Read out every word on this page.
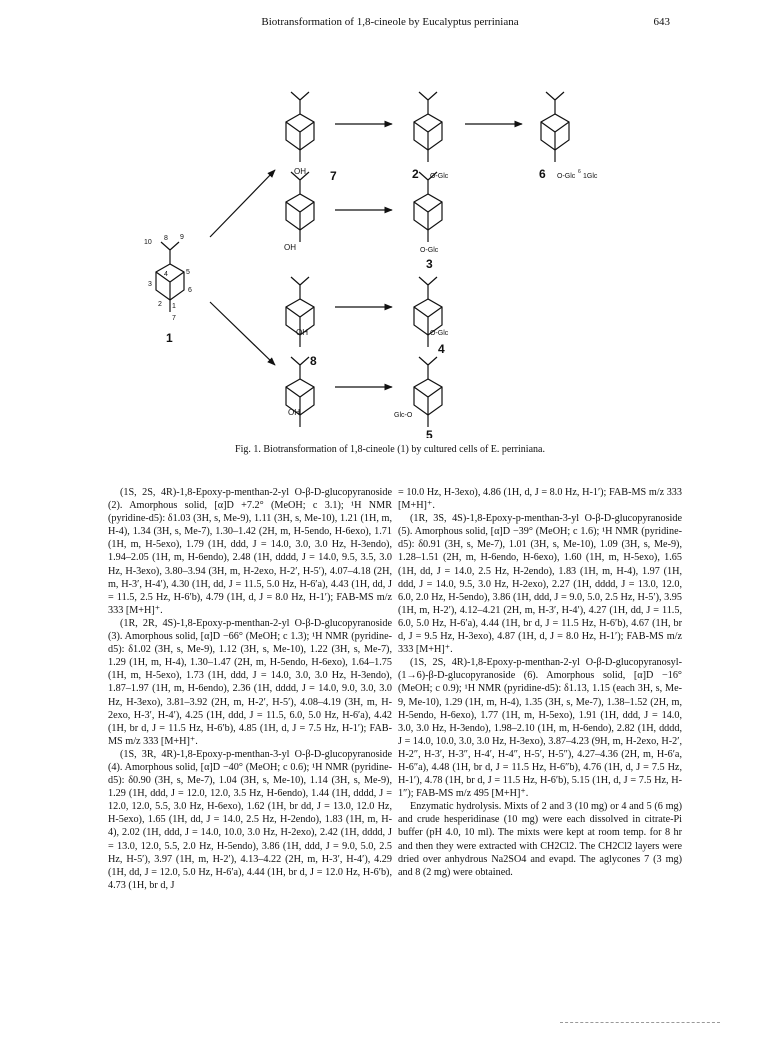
Biotransformation of 1,8-cineole by Eucalyptus perriniana	643
10
8 9
4	5
6
3
2 1
7
1
OH 7	2 O-Glc	6 O-Glc
6
1Glc
OH	O-Glc
3
OH
8
O-Glc
4
OH	Glc-O
5
Fig. 1. Biotransformation of 1,8-cineole (1) by cultured cells of E. perriniana.

(1S, 2S, 4R)-1,8-Epoxy-p-menthan-2-yl O-β-D-glucopyranoside (2). Amorphous solid, [α]D +7.2° (MeOH; c 3.1); ¹H NMR (pyridine-d5): δ1.03 (3H, s, Me-9), 1.11 (3H, s, Me-10), 1.21 (1H, m, H-4), 1.34 (3H, s, Me-7), 1.30–1.42 (2H, m, H-5endo, H-6exo), 1.71 (1H, m, H-5exo), 1.79 (1H, ddd, J = 14.0, 3.0, 3.0 Hz, H-3endo), 1.94–2.05 (1H, m, H-6endo), 2.48 (1H, dddd, J = 14.0, 9.5, 3.5, 3.0 Hz, H-3exo), 3.80–3.94 (3H, m, H-2exo, H-2′, H-5′), 4.07–4.18 (2H, m, H-3′, H-4′), 4.30 (1H, dd, J = 11.5, 5.0 Hz, H-6′a), 4.43 (1H, dd, J = 11.5, 2.5 Hz, H-6′b), 4.79 (1H, d, J = 8.0 Hz, H-1′); FAB-MS m/z 333 [M+H]⁺.

(1R, 2R, 4S)-1,8-Epoxy-p-menthan-2-yl O-β-D-glucopyranoside (3). Amorphous solid, [α]D −66° (MeOH; c 1.3); ¹H NMR (pyridine-d5): δ1.02 (3H, s, Me-9), 1.12 (3H, s, Me-10), 1.22 (3H, s, Me-7), 1.29 (1H, m, H-4), 1.30–1.47 (2H, m, H-5endo, H-6exo), 1.64–1.75 (1H, m, H-5exo), 1.73 (1H, ddd, J = 14.0, 3.0, 3.0 Hz, H-3endo), 1.87–1.97 (1H, m, H-6endo), 2.36 (1H, dddd, J = 14.0, 9.0, 3.0, 3.0 Hz, H-3exo), 3.81–3.92 (2H, m, H-2′, H-5′), 4.08–4.19 (3H, m, H-2exo, H-3′, H-4′), 4.25 (1H, ddd, J = 11.5, 6.0, 5.0 Hz, H-6′a), 4.42 (1H, br d, J = 11.5 Hz, H-6′b), 4.85 (1H, d, J = 7.5 Hz, H-1′); FAB-MS m/z 333 [M+H]⁺.

(1S, 3R, 4R)-1,8-Epoxy-p-menthan-3-yl O-β-D-glucopyranoside (4). Amorphous solid, [α]D −40° (MeOH; c 0.6); ¹H NMR (pyridine-d5): δ0.90 (3H, s, Me-7), 1.04 (3H, s, Me-10), 1.14 (3H, s, Me-9), 1.29 (1H, ddd, J = 12.0, 12.0, 3.5 Hz, H-6endo), 1.44 (1H, dddd, J = 12.0, 12.0, 5.5, 3.0 Hz, H-6exo), 1.62 (1H, br dd, J = 13.0, 12.0 Hz, H-5exo), 1.65 (1H, dd, J = 14.0, 2.5 Hz, H-2endo), 1.83 (1H, m, H-4), 2.02 (1H, ddd, J = 14.0, 10.0, 3.0 Hz, H-2exo), 2.42 (1H, dddd, J = 13.0, 12.0, 5.5, 2.0 Hz, H-5endo), 3.86 (1H, ddd, J = 9.0, 5.0, 2.5 Hz, H-5′), 3.97 (1H, m, H-2′), 4.13–4.22 (2H, m, H-3′, H-4′), 4.29 (1H, dd, J = 12.0, 5.0 Hz, H-6′a), 4.44 (1H, br d, J = 12.0 Hz, H-6′b), 4.73 (1H, br d, J

= 10.0 Hz, H-3exo), 4.86 (1H, d, J = 8.0 Hz, H-1′); FAB-MS m/z 333 [M+H]⁺.

(1R, 3S, 4S)-1,8-Epoxy-p-menthan-3-yl O-β-D-glucopyranoside (5). Amorphous solid, [α]D −39° (MeOH; c 1.6); ¹H NMR (pyridine-d5): δ0.91 (3H, s, Me-7), 1.01 (3H, s, Me-10), 1.09 (3H, s, Me-9), 1.28–1.51 (2H, m, H-6endo, H-6exo), 1.60 (1H, m, H-5exo), 1.65 (1H, dd, J = 14.0, 2.5 Hz, H-2endo), 1.83 (1H, m, H-4), 1.97 (1H, ddd, J = 14.0, 9.5, 3.0 Hz, H-2exo), 2.27 (1H, dddd, J = 13.0, 12.0, 6.0, 2.0 Hz, H-5endo), 3.86 (1H, ddd, J = 9.0, 5.0, 2.5 Hz, H-5′), 3.95 (1H, m, H-2′), 4.12–4.21 (2H, m, H-3′, H-4′), 4.27 (1H, dd, J = 11.5, 6.0, 5.0 Hz, H-6′a), 4.44 (1H, br d, J = 11.5 Hz, H-6′b), 4.67 (1H, br d, J = 9.5 Hz, H-3exo), 4.87 (1H, d, J = 8.0 Hz, H-1′); FAB-MS m/z 333 [M+H]⁺.

(1S, 2S, 4R)-1,8-Epoxy-p-menthan-2-yl O-β-D-glucopyranosyl-(1→6)-β-D-glucopyranoside (6). Amorphous solid, [α]D −16° (MeOH; c 0.9); ¹H NMR (pyridine-d5): δ1.13, 1.15 (each 3H, s, Me-9, Me-10), 1.29 (1H, m, H-4), 1.35 (3H, s, Me-7), 1.38–1.52 (2H, m, H-5endo, H-6exo), 1.77 (1H, m, H-5exo), 1.91 (1H, ddd, J = 14.0, 3.0, 3.0 Hz, H-3endo), 1.98–2.10 (1H, m, H-6endo), 2.82 (1H, dddd, J = 14.0, 10.0, 3.0, 3.0 Hz, H-3exo), 3.87–4.23 (9H, m, H-2exo, H-2′, H-2″, H-3′, H-3″, H-4′, H-4″, H-5′, H-5″), 4.27–4.36 (2H, m, H-6′a, H-6″a), 4.48 (1H, br d, J = 11.5 Hz, H-6″b), 4.76 (1H, d, J = 7.5 Hz, H-1′), 4.78 (1H, br d, J = 11.5 Hz, H-6′b), 5.15 (1H, d, J = 7.5 Hz, H-1″); FAB-MS m/z 495 [M+H]⁺.

Enzymatic hydrolysis. Mixts of 2 and 3 (10 mg) or 4 and 5 (6 mg) and crude hesperidinase (10 mg) were each dissolved in citrate-Pi buffer (pH 4.0, 10 ml). The mixts were kept at room temp. for 8 hr and then they were extracted with CH2Cl2. The CH2Cl2 layers were dried over anhydrous Na2SO4 and evapd. The aglycones 7 (3 mg) and 8 (2 mg) were obtained.
